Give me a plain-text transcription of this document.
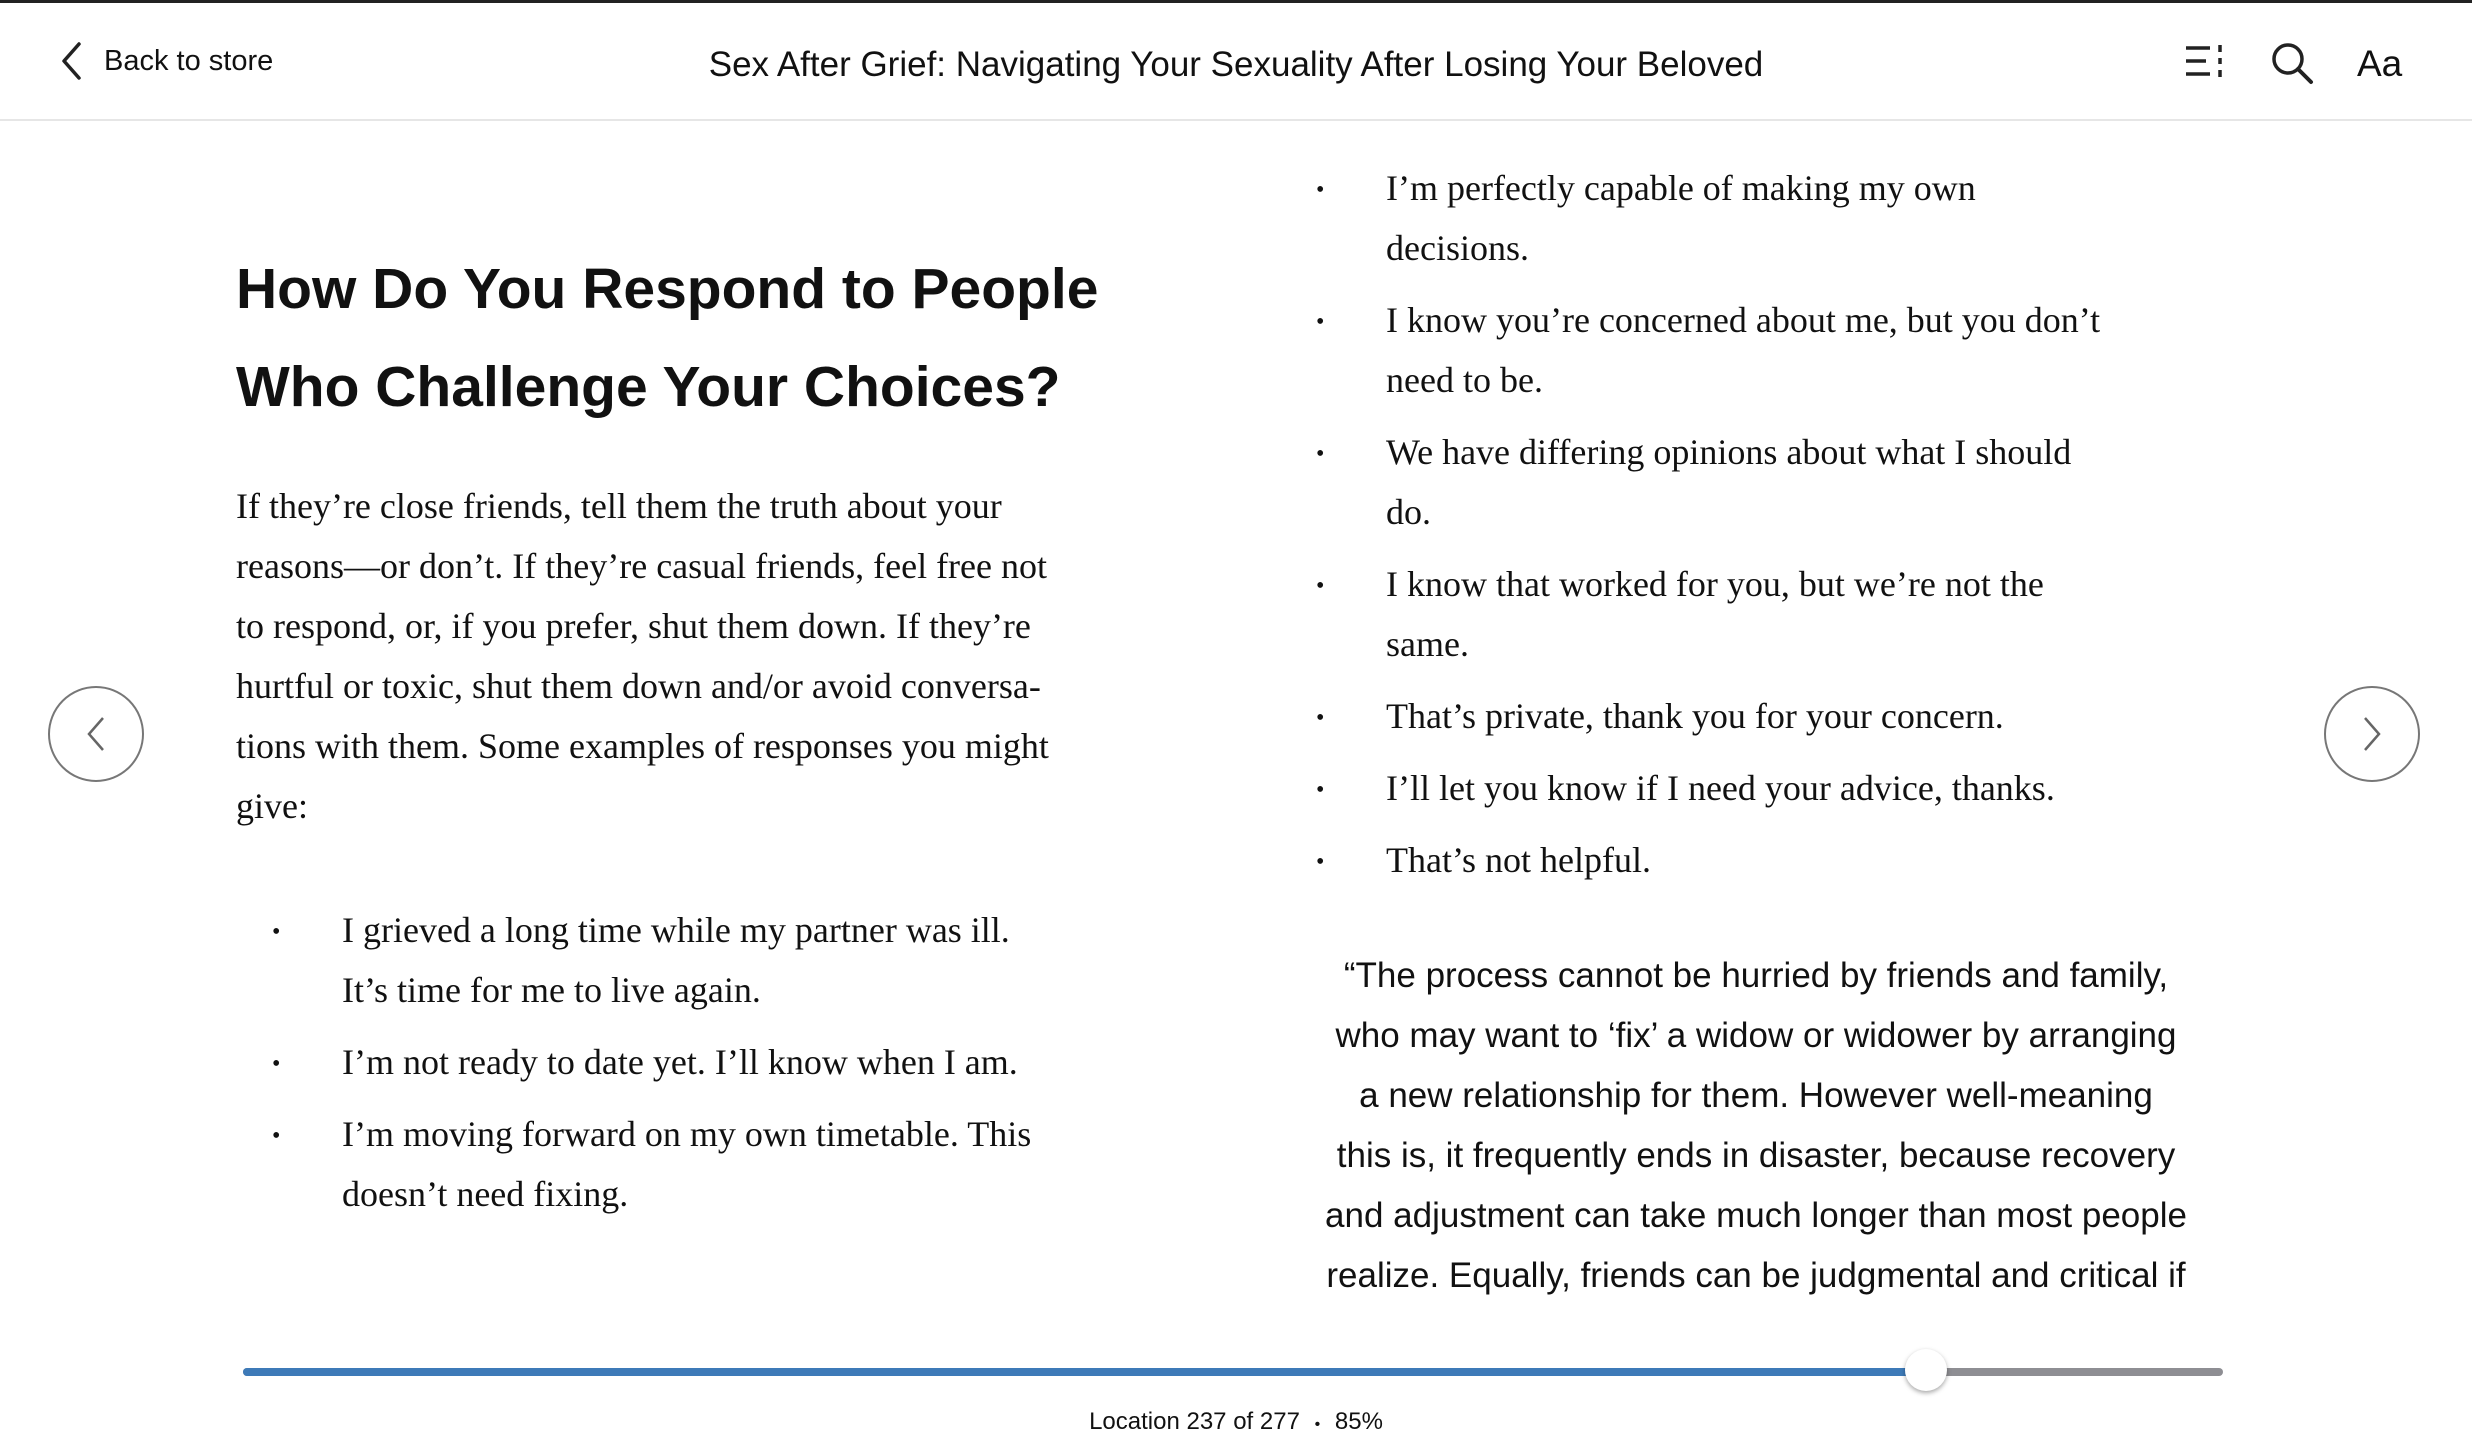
Back to store	Sex After Grief: Navigating Your Sexuality After Losing Your Beloved	Aa
How Do You Respond to People
Who Challenge Your Choices?
If they’re close friends, tell them the truth about your
reasons—or don’t. If they’re casual friends, feel free not
to respond, or, if you prefer, shut them down. If they’re
hurtful or toxic, shut them down and/or avoid conversa-
tions with them. Some examples of responses you might
give:
• I grieved a long time while my partner was ill.
It’s time for me to live again.
• I’m not ready to date yet. I’ll know when I am.
• I’m moving forward on my own timetable. This
doesn’t need fixing.
• I’m perfectly capable of making my own
decisions.
• I know you’re concerned about me, but you don’t
need to be.
• We have differing opinions about what I should
do.
• I know that worked for you, but we’re not the
same.
• That’s private, thank you for your concern.
• I’ll let you know if I need your advice, thanks.
• That’s not helpful.
“The process cannot be hurried by friends and family,
who may want to ‘fix’ a widow or widower by arranging
a new relationship for them. However well-meaning
this is, it frequently ends in disaster, because recovery
and adjustment can take much longer than most people
realize. Equally, friends can be judgmental and critical if
Location 237 of 277 • 85%
